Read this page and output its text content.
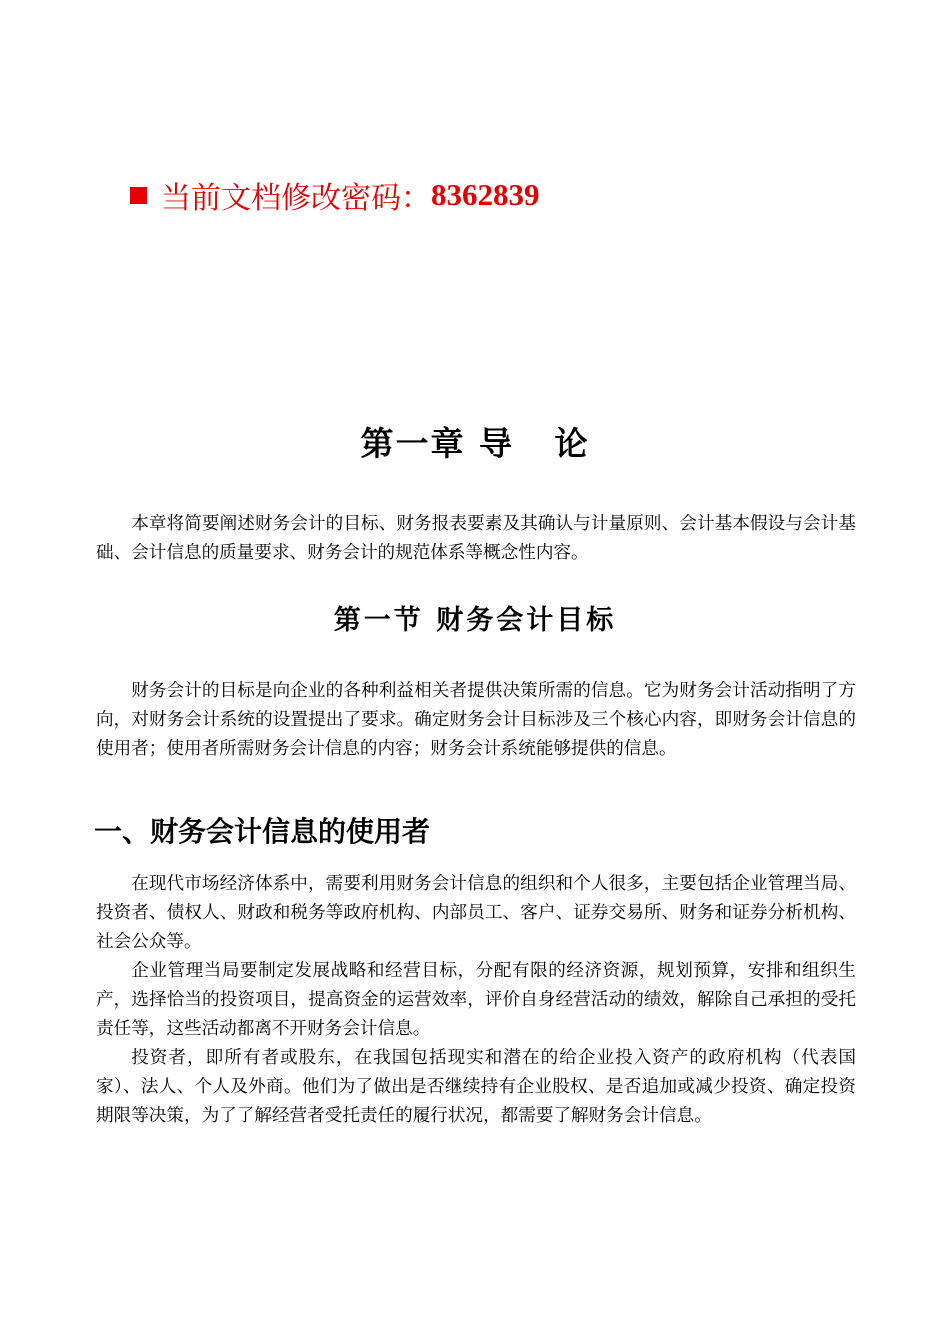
当前文档修改密码： 8362839
第一章 导   论

本章将简要阐述财务会计的目标、财务报表要素及其确认与计量原则、会计基本假设与会计基础、会计信息的质量要求、财务会计的规范体系等概念性内容。

第一节 财务会计目标

财务会计的目标是向企业的各种利益相关者提供决策所需的信息。它为财务会计活动指明了方向，对财务会计系统的设置提出了要求。确定财务会计目标涉及三个核心内容，即财务会计信息的使用者；使用者所需财务会计信息的内容；财务会计系统能够提供的信息。

一、财务会计信息的使用者

在现代市场经济体系中，需要利用财务会计信息的组织和个人很多，主要包括企业管理当局、投资者、债权人、财政和税务等政府机构、内部员工、客户、证券交易所、财务和证券分析机构、社会公众等。

企业管理当局要制定发展战略和经营目标，分配有限的经济资源，规划预算，安排和组织生产，选择恰当的投资项目，提高资金的运营效率，评价自身经营活动的绩效，解除自己承担的受托责任等，这些活动都离不开财务会计信息。

投资者，即所有者或股东，在我国包括现实和潜在的给企业投入资产的政府机构（代表国家）、法人、个人及外商。他们为了做出是否继续持有企业股权、是否追加或减少投资、确定投资期限等决策，为了了解经营者受托责任的履行状况，都需要了解财务会计信息。
